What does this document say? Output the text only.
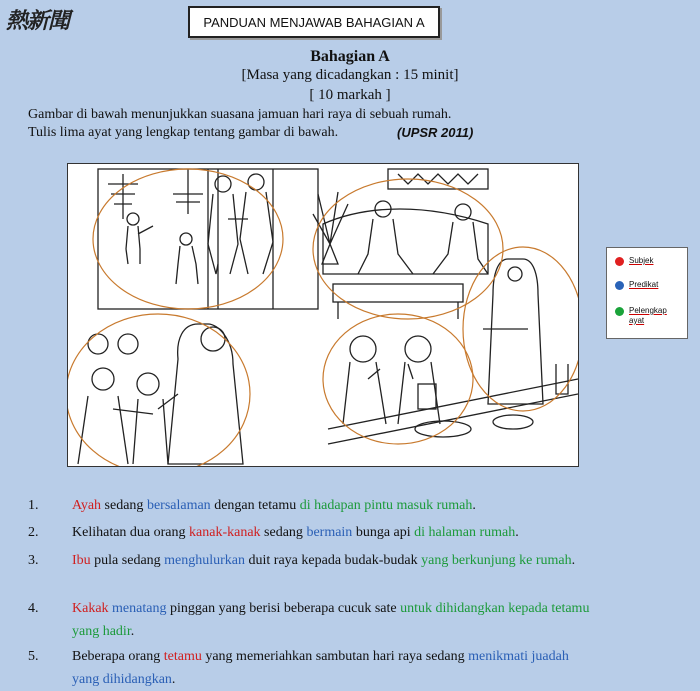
熱新聞	PANDUAN MENJAWAB BAHAGIAN A
Bahagian A
[Masa yang dicadangkan : 15 minit]
[ 10 markah ]
Gambar di bawah menunjukkan suasana jamuan hari raya di sebuah rumah.
Tulis lima ayat yang lengkap tentang gambar di bawah.	(UPSR 2011)
Subjek
Predikat
Pelengkap ayat
1. Ayah sedang bersalaman dengan tetamu di hadapan pintu masuk rumah.
2. Kelihatan dua orang kanak-kanak sedang bermain bunga api di halaman rumah.
3. Ibu pula sedang menghulurkan duit raya kepada budak-budak yang berkunjung ke rumah.
4. Kakak menatang pinggan yang berisi beberapa cucuk sate untuk dihidangkan kepada tetamu yang hadir.
5. Beberapa orang tetamu yang memeriahkan sambutan hari raya sedang menikmati juadah yang dihidangkan.
